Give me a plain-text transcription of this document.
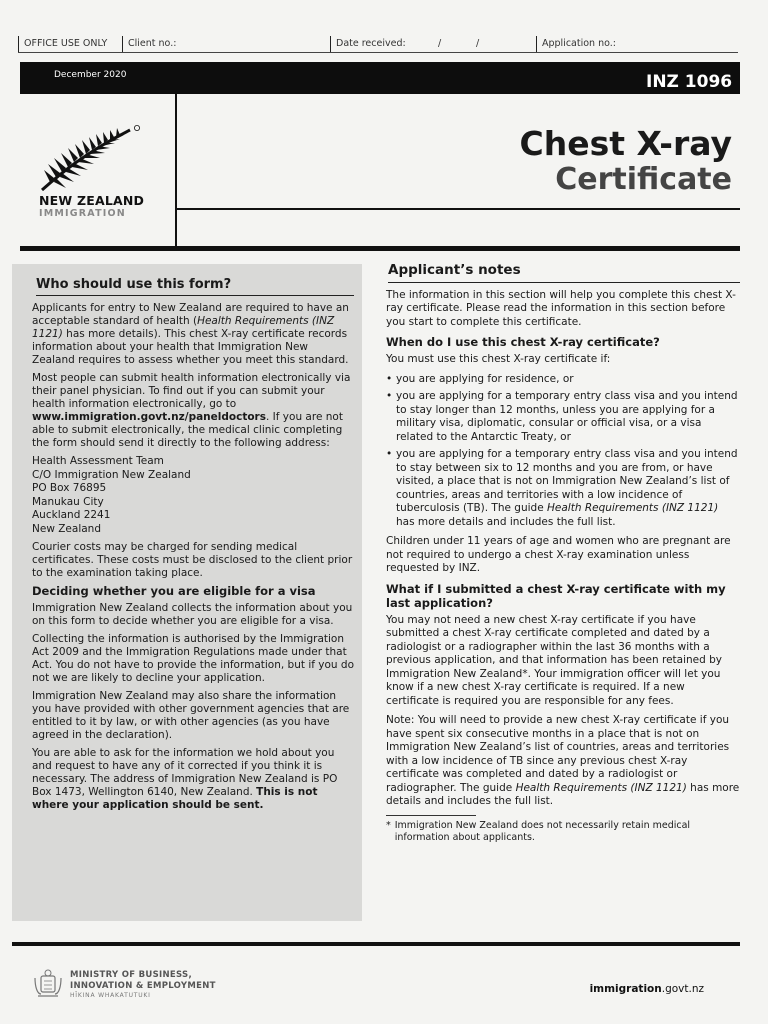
OFFICE USE ONLY Client no.:	Date received:	/	/	Application no.:
December 2020	INZ 1096
NEW ZEALAND
IMMIGRATION
Chest X-ray
Certificate
Who should use this form?

Applicants for entry to New Zealand are required to have an acceptable standard of health (Health Requirements (INZ 1121) has more details). This chest X-ray certificate records information about your health that Immigration New Zealand requires to assess whether you meet this standard.

Most people can submit health information electronically via their panel physician. To find out if you can submit your health information electronically, go to www.immigration.govt.nz/paneldoctors. If you are not able to submit electronically, the medical clinic completing the form should send it directly to the following address:

Health Assessment Team
C/O Immigration New Zealand
PO Box 76895
Manukau City
Auckland 2241
New Zealand

Courier costs may be charged for sending medical certificates. These costs must be disclosed to the client prior to the examination taking place.

Deciding whether you are eligible for a visa

Immigration New Zealand collects the information about you on this form to decide whether you are eligible for a visa.

Collecting the information is authorised by the Immigration Act 2009 and the Immigration Regulations made under that Act. You do not have to provide the information, but if you do not we are likely to decline your application.

Immigration New Zealand may also share the information you have provided with other government agencies that are entitled to it by law, or with other agencies (as you have agreed in the declaration).

You are able to ask for the information we hold about you and request to have any of it corrected if you think it is necessary. The address of Immigration New Zealand is PO Box 1473, Wellington 6140, New Zealand. This is not where your application should be sent.

Applicant’s notes

The information in this section will help you complete this chest X-ray certificate. Please read the information in this section before you start to complete this certificate.

When do I use this chest X-ray certificate?

You must use this chest X-ray certificate if:

• you are applying for residence, or
• you are applying for a temporary entry class visa and you intend to stay longer than 12 months, unless you are applying for a military visa, diplomatic, consular or official visa, or a visa related to the Antarctic Treaty, or
• you are applying for a temporary entry class visa and you intend to stay between six to 12 months and you are from, or have visited, a place that is not on Immigration New Zealand’s list of countries, areas and territories with a low incidence of tuberculosis (TB). The guide Health Requirements (INZ 1121) has more details and includes the full list.

Children under 11 years of age and women who are pregnant are not required to undergo a chest X-ray examination unless requested by INZ.

What if I submitted a chest X-ray certificate with my last application?

You may not need a new chest X-ray certificate if you have submitted a chest X-ray certificate completed and dated by a radiologist or a radiographer within the last 36 months with a previous application, and that information has been retained by Immigration New Zealand*. Your immigration officer will let you know if a new chest X-ray certificate is required. If a new certificate is required you are responsible for any fees.

Note: You will need to provide a new chest X-ray certificate if you have spent six consecutive months in a place that is not on Immigration New Zealand’s list of countries, areas and territories with a low incidence of TB since any previous chest X-ray certificate was completed and dated by a radiologist or radiographer. The guide Health Requirements (INZ 1121) has more details and includes the full list.

* Immigration New Zealand does not necessarily retain medical information about applicants.
MINISTRY OF BUSINESS,
INNOVATION & EMPLOYMENT
HĪKINA WHAKATUTUKI
immigration.govt.nz
